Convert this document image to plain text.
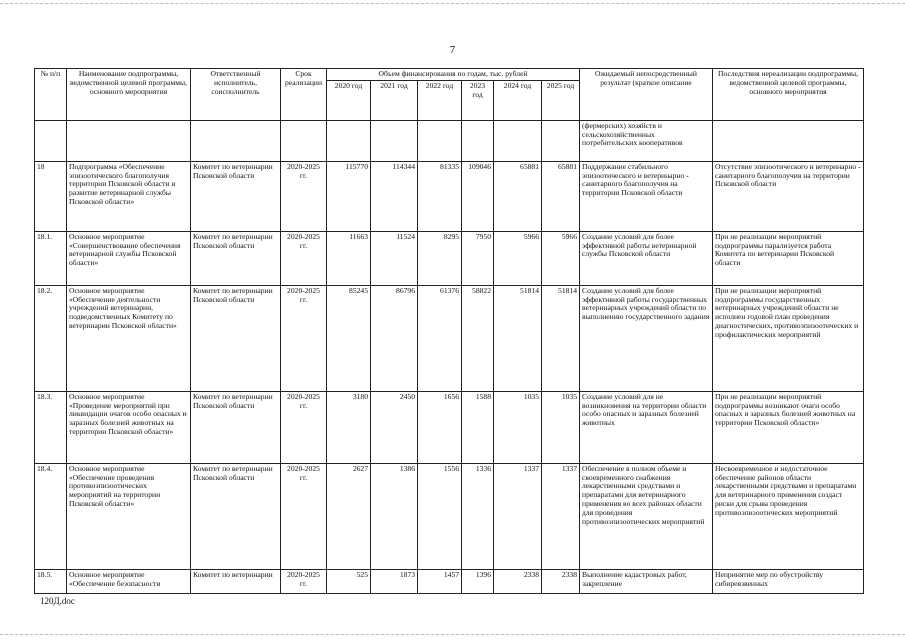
7
№ п/п	Наименование подпрограммы, ведомственной целевой программы, основного мероприятия	Ответственный исполнитель, соисполнитель	Срок реализации	Объем финансирования по годам, тыс. рублей						Ожидаемый непосредственный результат (краткое описание	Последствия нереализации подпрограммы, ведомственной целевой программы, основного мероприятия
				2020 год	2021 год	2022 год	2023 год	2024 год	2025 год		
										(фермерских) хозяйств и сельскохозяйственных потребительских кооперативов	
18	Подпрограмма «Обеспечение эпизоотического благополучия территории Псковской области и развитие ветеринарной службы Псковской области»	Комитет по ветеринарии Псковской области	2020-2025 гг.	115770	114344	81335	109046	65881	65881	Поддержание стабильного эпизоотического и ветеринарно - санитарного благополучия на территории Псковской области	Отсутствие эпизоотического и ветеринарно - санитарного благополучия на территории Псковской области
18.1.	Основное мероприятие «Совершенствование обеспечения ветеринарной службы Псковской области»	Комитет по ветеринарии Псковской области	2020-2025 гг.	11663	11524	8295	7950	5966	5966	Создание условий для более эффективной работы ветеринарной службы Псковской области	При не реализации мероприятий подпрограммы парализуется работа Комитета по ветеринарии Псковской области
18.2.	Основное мероприятие «Обеспечение деятельности учреждений ветеринарии, подведомственных Комитету по ветеринарии Псковской области»	Комитет по ветеринарии Псковской области	2020-2025 гг.	85245	86796	61376	58822	51814	51814	Создание условий для более эффективной работы государственных ветеринарных учреждений области по выполнению государственного задания	При не реализации мероприятий подпрограммы государственных ветеринарных учреждений области не исполнен годовой план проведения диагностических, противоэпизоотических и профилактических мероприятий
18.3.	Основное мероприятие «Проведение мероприятий при ликвидации очагов особо опасных и заразных болезней животных на территории Псковской области»	Комитет по ветеринарии Псковской области	2020-2025 гг.	3180	2450	1656	1588	1035	1035	Создание условий для не возникновения на территории области особо опасных и заразных болезней животных	При не реализации мероприятий подпрограммы возникают очаги особо опасных и заразных болезней животных на территории Псковской области»
18.4.	Основное мероприятие «Обеспечение проведения противоэпизоотических мероприятий на территории Псковской области»	Комитет по ветеринарии Псковской области	2020-2025 гг.	2627	1386	1556	1336	1337	1337	Обеспечение в полном объеме и своевременного снабжения лекарственными средствами и препаратами для ветеринарного применения во всех районах области для проведения противоэпизоотических мероприятий	Несвоевременное и недостаточное обеспечение районов области лекарственными средствами и препаратами для ветеринарного применения создаст риски для срыва проведения противоэпизоотических мероприятий
18.5.	Основное мероприятие «Обеспечение безопасности	Комитет по ветеринарии	2020-2025 гг.	525	1873	1457	1396	2338	2338	Выполнение кадастровых работ, закрепление	Непринятие мер по обустройству сибиреязвенных
120Д.doc
